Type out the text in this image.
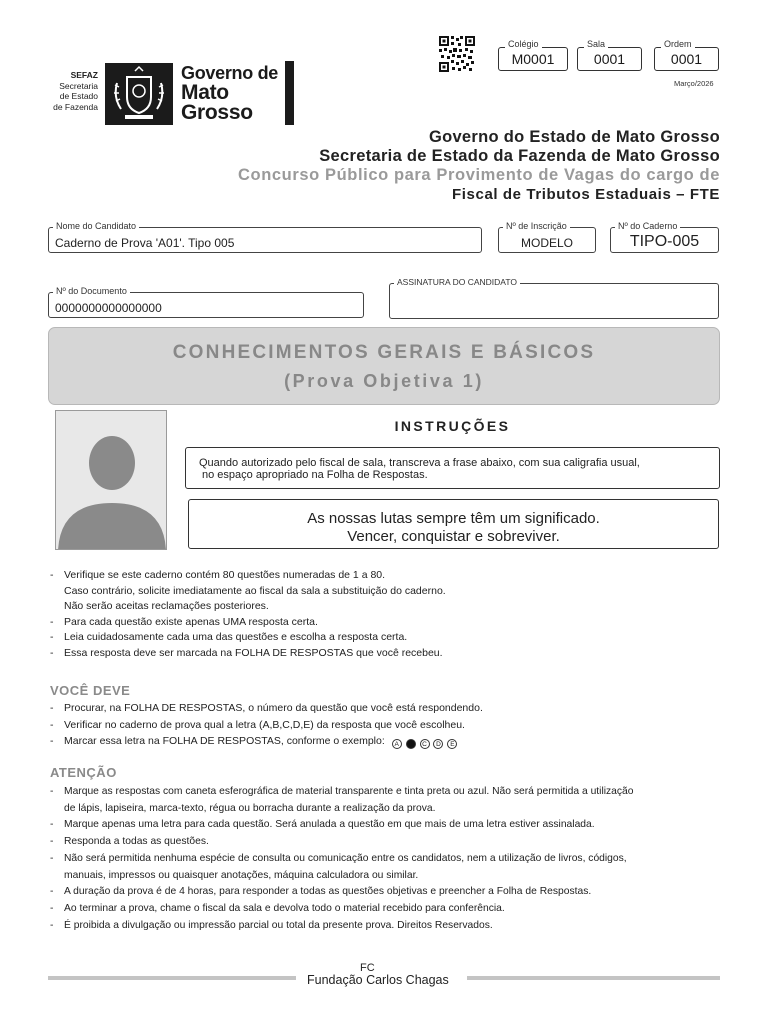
SEFAZ
Secretaria
de Estado
de Fazenda
Governo de
Mato
Grosso
Colégio
M0001
Sala
0001
Ordem
0001
Março/2026
Governo do Estado de Mato Grosso
Secretaria de Estado da Fazenda de Mato Grosso
Concurso Público para Provimento de Vagas do cargo de
Fiscal de Tributos Estaduais – FTE
Nome do Candidato
Caderno de Prova 'A01'. Tipo 005
Nº de Inscrição
MODELO
Nº do Caderno
TIPO-005
Nº do Documento
0000000000000000
ASSINATURA DO CANDIDATO
CONHECIMENTOS GERAIS E BÁSICOS
(Prova Objetiva 1)
INSTRUÇÕES
Quando autorizado pelo fiscal de sala, transcreva a frase abaixo, com sua caligrafia usual,
no espaço apropriado na Folha de Respostas.
As nossas lutas sempre têm um significado.
Vencer, conquistar e sobreviver.
- Verifique se este caderno contém 80 questões numeradas de 1 a 80.
Caso contrário, solicite imediatamente ao fiscal da sala a substituição do caderno.
Não serão aceitas reclamações posteriores.
- Para cada questão existe apenas UMA resposta certa.
- Leia cuidadosamente cada uma das questões e escolha a resposta certa.
- Essa resposta deve ser marcada na FOLHA DE RESPOSTAS que você recebeu.
VOCÊ DEVE
- Procurar, na FOLHA DE RESPOSTAS, o número da questão que você está respondendo.
- Verificar no caderno de prova qual a letra (A,B,C,D,E) da resposta que você escolheu.
- Marcar essa letra na FOLHA DE RESPOSTAS, conforme o exemplo: A B C D E
ATENÇÃO
- Marque as respostas com caneta esferográfica de material transparente e tinta preta ou azul. Não será permitida a utilização
de lápis, lapiseira, marca-texto, régua ou borracha durante a realização da prova.
- Marque apenas uma letra para cada questão. Será anulada a questão em que mais de uma letra estiver assinalada.
- Responda a todas as questões.
- Não será permitida nenhuma espécie de consulta ou comunicação entre os candidatos, nem a utilização de livros, códigos,
manuais, impressos ou quaisquer anotações, máquina calculadora ou similar.
- A duração da prova é de 4 horas, para responder a todas as questões objetivas e preencher a Folha de Respostas.
- Ao terminar a prova, chame o fiscal da sala e devolva todo o material recebido para conferência.
- É proibida a divulgação ou impressão parcial ou total da presente prova. Direitos Reservados.
FC
Fundação Carlos Chagas
